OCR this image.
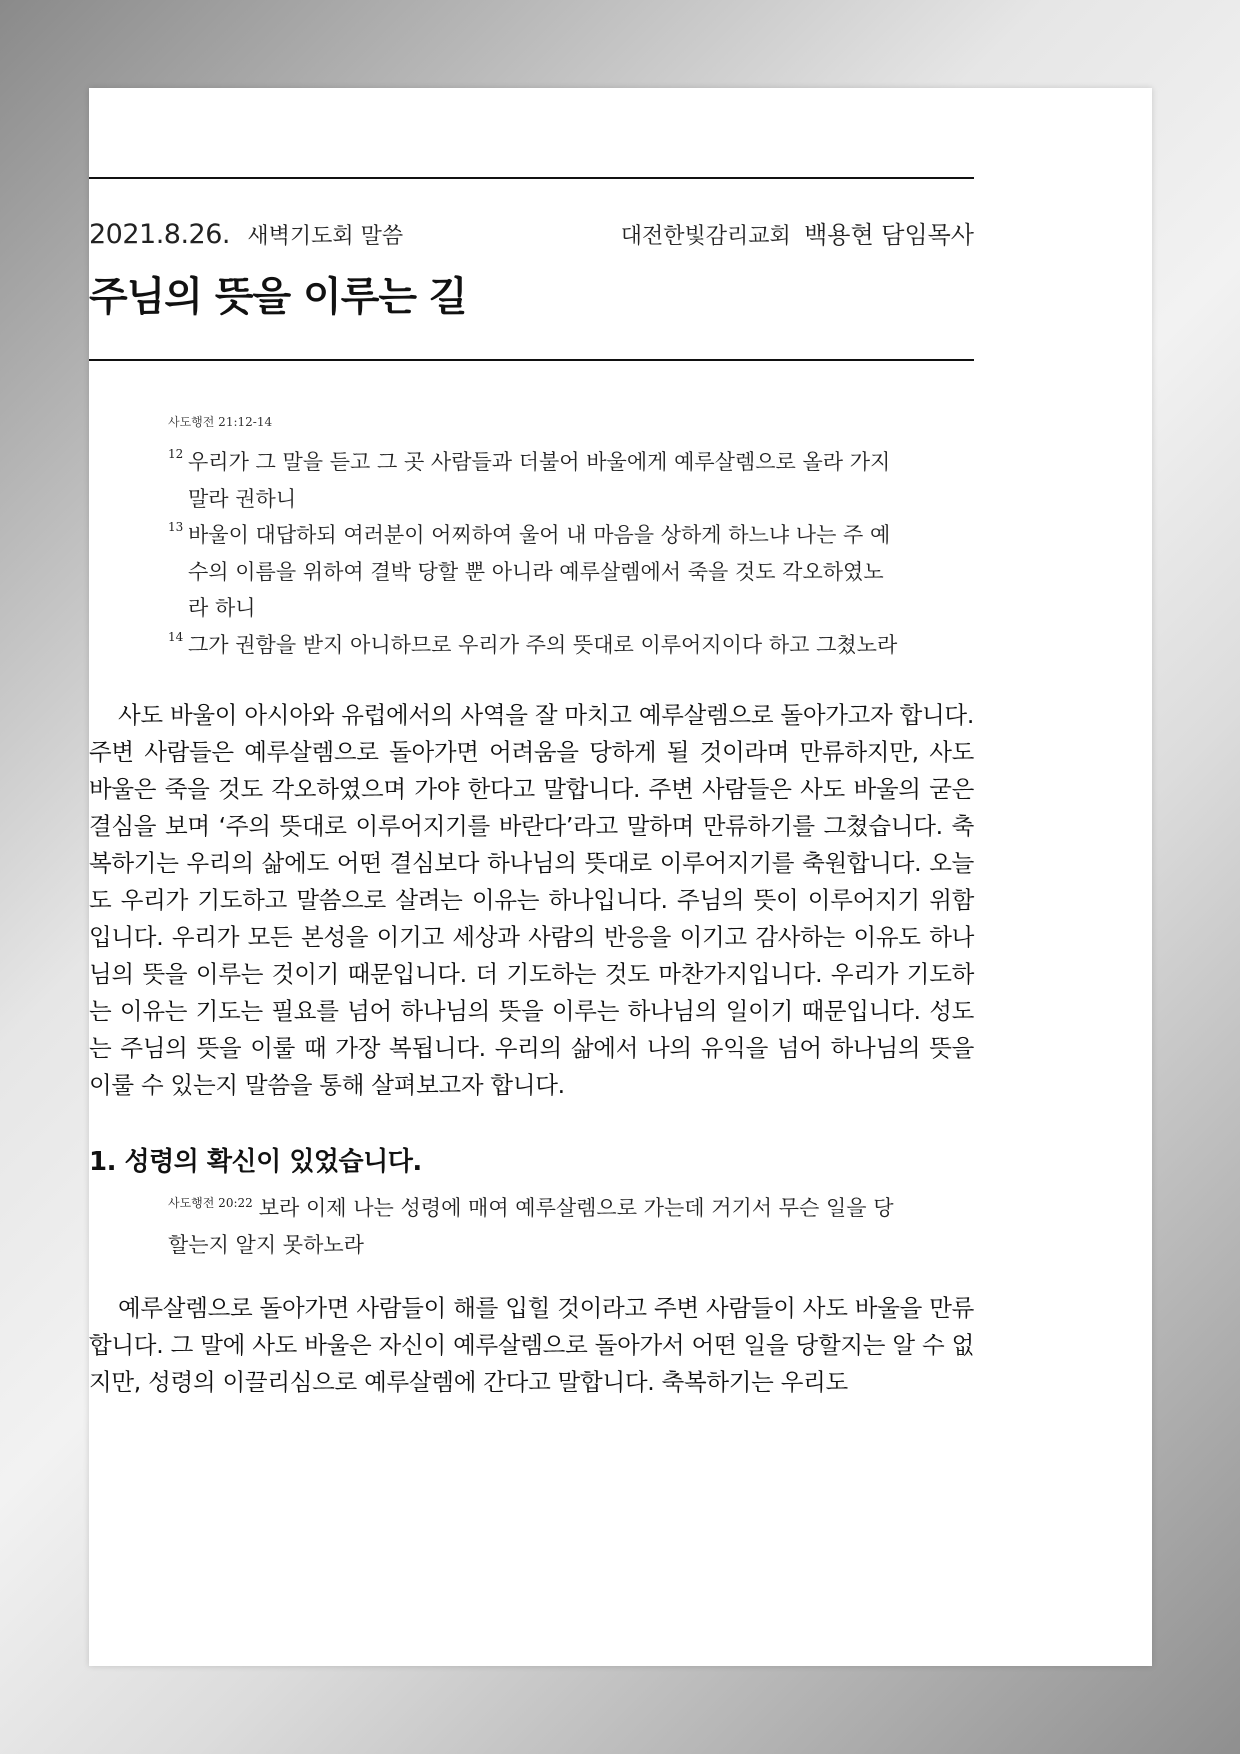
2021.8.26. 새벽기도회 말씀	대전한빛감리교회 백용현 담임목사
주님의 뜻을 이루는 길
사도행전 21:12-14
12 우리가 그 말을 듣고 그 곳 사람들과 더불어 바울에게 예루살렘으로 올라 가지 말라 권하니
13 바울이 대답하되 여러분이 어찌하여 울어 내 마음을 상하게 하느냐 나는 주 예수의 이름을 위하여 결박 당할 뿐 아니라 예루살렘에서 죽을 것도 각오하였노라 하니
14 그가 권함을 받지 아니하므로 우리가 주의 뜻대로 이루어지이다 하고 그쳤노라
사도 바울이 아시아와 유럽에서의 사역을 잘 마치고 예루살렘으로 돌아가고자 합니다. 주변 사람들은 예루살렘으로 돌아가면 어려움을 당하게 될 것이라며 만류하지만, 사도 바울은 죽을 것도 각오하였으며 가야 한다고 말합니다. 주변 사람들은 사도 바울의 굳은 결심을 보며 ‘주의 뜻대로 이루어지기를 바란다’라고 말하며 만류하기를 그쳤습니다. 축복하기는 우리의 삶에도 어떤 결심보다 하나님의 뜻대로 이루어지기를 축원합니다. 오늘도 우리가 기도하고 말씀으로 살려는 이유는 하나입니다. 주님의 뜻이 이루어지기 위함입니다. 우리가 모든 본성을 이기고 세상과 사람의 반응을 이기고 감사하는 이유도 하나님의 뜻을 이루는 것이기 때문입니다. 더 기도하는 것도 마찬가지입니다. 우리가 기도하는 이유는 기도는 필요를 넘어 하나님의 뜻을 이루는 하나님의 일이기 때문입니다. 성도는 주님의 뜻을 이룰 때 가장 복됩니다. 우리의 삶에서 나의 유익을 넘어 하나님의 뜻을 이룰 수 있는지 말씀을 통해 살펴보고자 합니다.
1. 성령의 확신이 있었습니다.
$^{사도행전 20:22}$ 보라 이제 나는 성령에 매여 예루살렘으로 가는데 거기서 무슨 일을 당할는지 알지 못하노라
예루살렘으로 돌아가면 사람들이 해를 입힐 것이라고 주변 사람들이 사도 바울을 만류합니다. 그 말에 사도 바울은 자신이 예루살렘으로 돌아가서 어떤 일을 당할지는 알 수 없지만, 성령의 이끌리심으로 예루살렘에 간다고 말합니다. 축복하기는 우리도
